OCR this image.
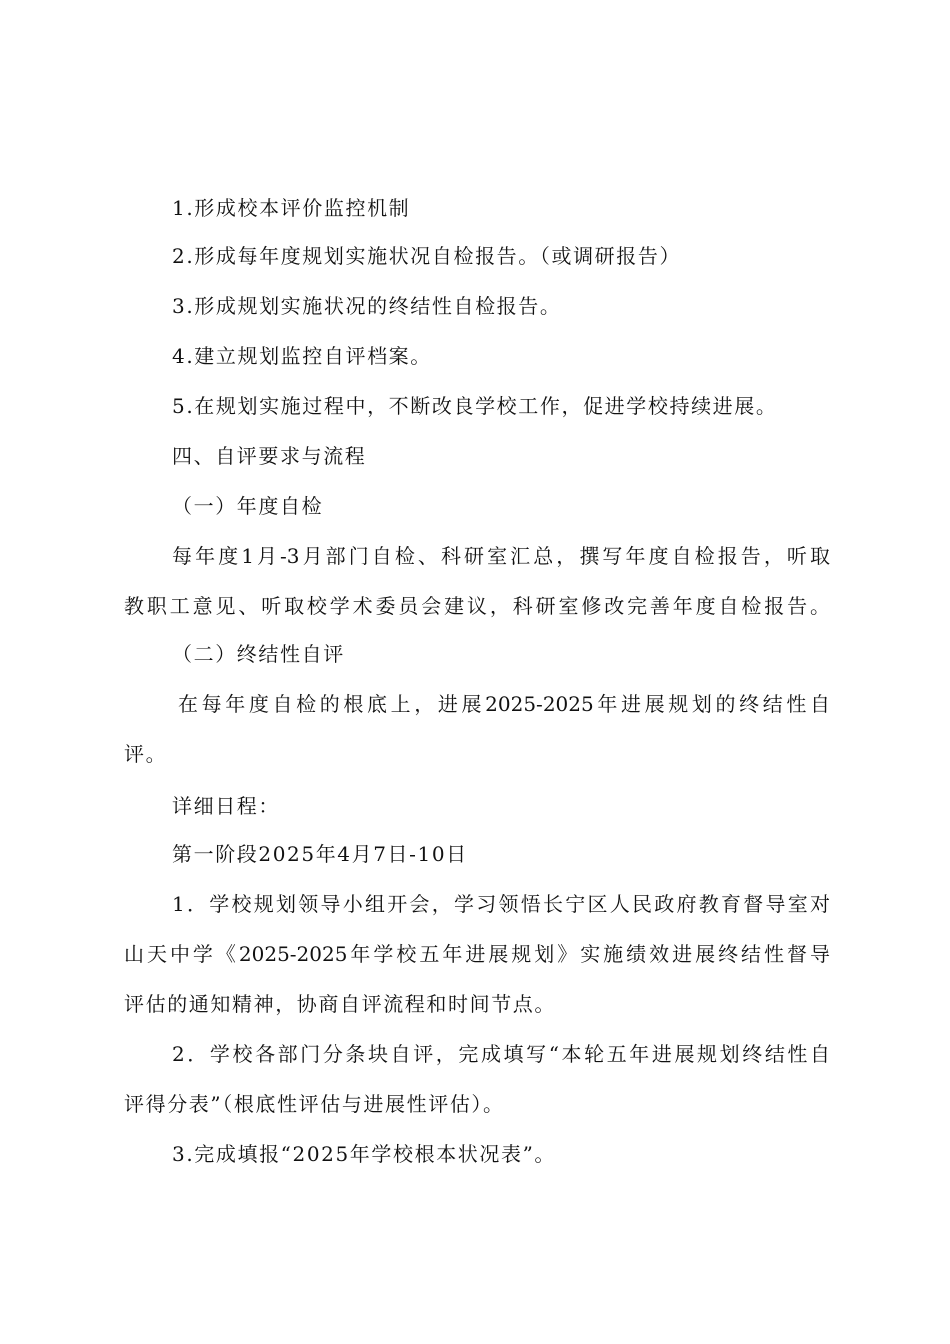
1.形成校本评价监控机制
2.形成每年度规划实施状况自检报告。（或调研报告）
3.形成规划实施状况的终结性自检报告。
4.建立规划监控自评档案。
5.在规划实施过程中，不断改良学校工作，促进学校持续进展。
四、自评要求与流程
（一）年度自检
每年度1月-3月部门自检、科研室汇总，撰写年度自检报告，听取
教职工意见、听取校学术委员会建议，科研室修改完善年度自检报告。
（二）终结性自评
在每年度自检的根底上，进展2025-2025年进展规划的终结性自
评。
详细日程：
第一阶段2025年4月7日-10日
1．学校规划领导小组开会，学习领悟长宁区人民政府教育督导室对
山天中学《2025-2025年学校五年进展规划》实施绩效进展终结性督导
评估的通知精神，协商自评流程和时间节点。
2．学校各部门分条块自评，完成填写“本轮五年进展规划终结性自
评得分表”（根底性评估与进展性评估）。
3.完成填报“2025年学校根本状况表”。
